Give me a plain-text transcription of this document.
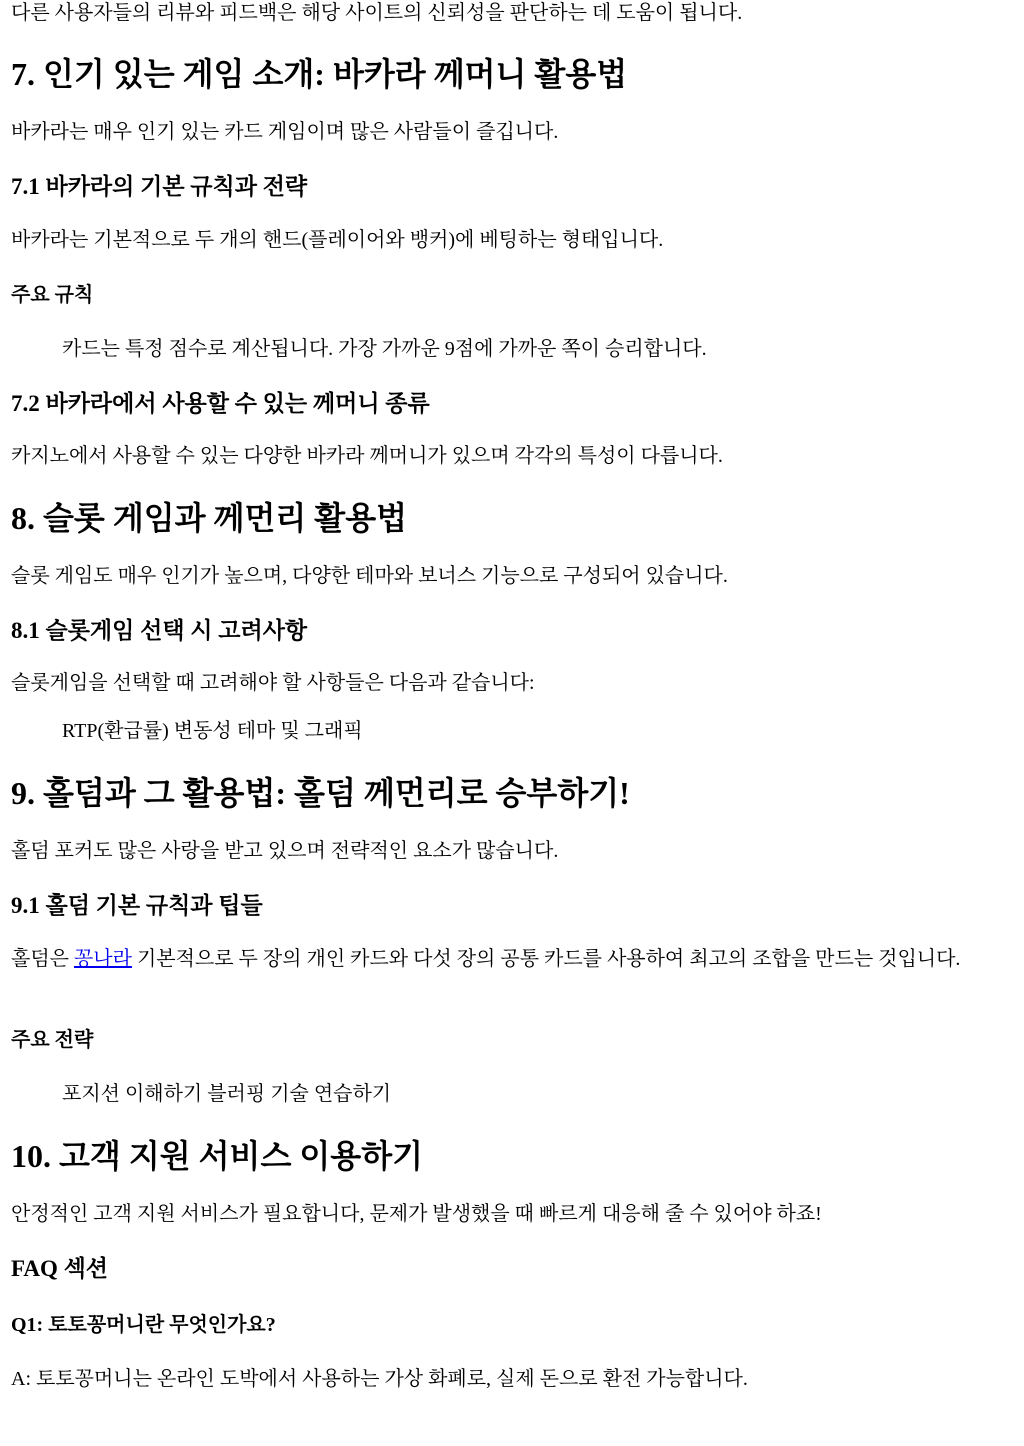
다른 사용자들의 리뷰와 피드백은 해당 사이트의 신뢰성을 판단하는 데 도움이 됩니다.

7. 인기 있는 게임 소개: 바카라 께머니 활용법

바카라는 매우 인기 있는 카드 게임이며 많은 사람들이 즐깁니다.

7.1 바카라의 기본 규칙과 전략

바카라는 기본적으로 두 개의 핸드(플레이어와 뱅커)에 베팅하는 형태입니다.

주요 규칙

카드는 특정 점수로 계산됩니다. 가장 가까운 9점에 가까운 쪽이 승리합니다.

7.2 바카라에서 사용할 수 있는 께머니 종류

카지노에서 사용할 수 있는 다양한 바카라 께머니가 있으며 각각의 특성이 다릅니다.

8. 슬롯 게임과 께먼리 활용법

슬롯 게임도 매우 인기가 높으며, 다양한 테마와 보너스 기능으로 구성되어 있습니다.

8.1 슬롯게임 선택 시 고려사항

슬롯게임을 선택할 때 고려해야 할 사항들은 다음과 같습니다:

RTP(환급률) 변동성 테마 및 그래픽

9. 홀덤과 그 활용법: 홀덤 께먼리로 승부하기!

홀덤 포커도 많은 사랑을 받고 있으며 전략적인 요소가 많습니다.

9.1 홀덤 기본 규칙과 팁들

홀덤은 꽁나라 기본적으로 두 장의 개인 카드와 다섯 장의 공통 카드를 사용하여 최고의 조합을 만드는 것입니다.

주요 전략

포지션 이해하기 블러핑 기술 연습하기

10. 고객 지원 서비스 이용하기

안정적인 고객 지원 서비스가 필요합니다, 문제가 발생했을 때 빠르게 대응해 줄 수 있어야 하죠!

FAQ 섹션
Q1: 토토꽁머니란 무엇인가요?

A: 토토꽁머니는 온라인 도박에서 사용하는 가상 화폐로, 실제 돈으로 환전 가능합니다.
